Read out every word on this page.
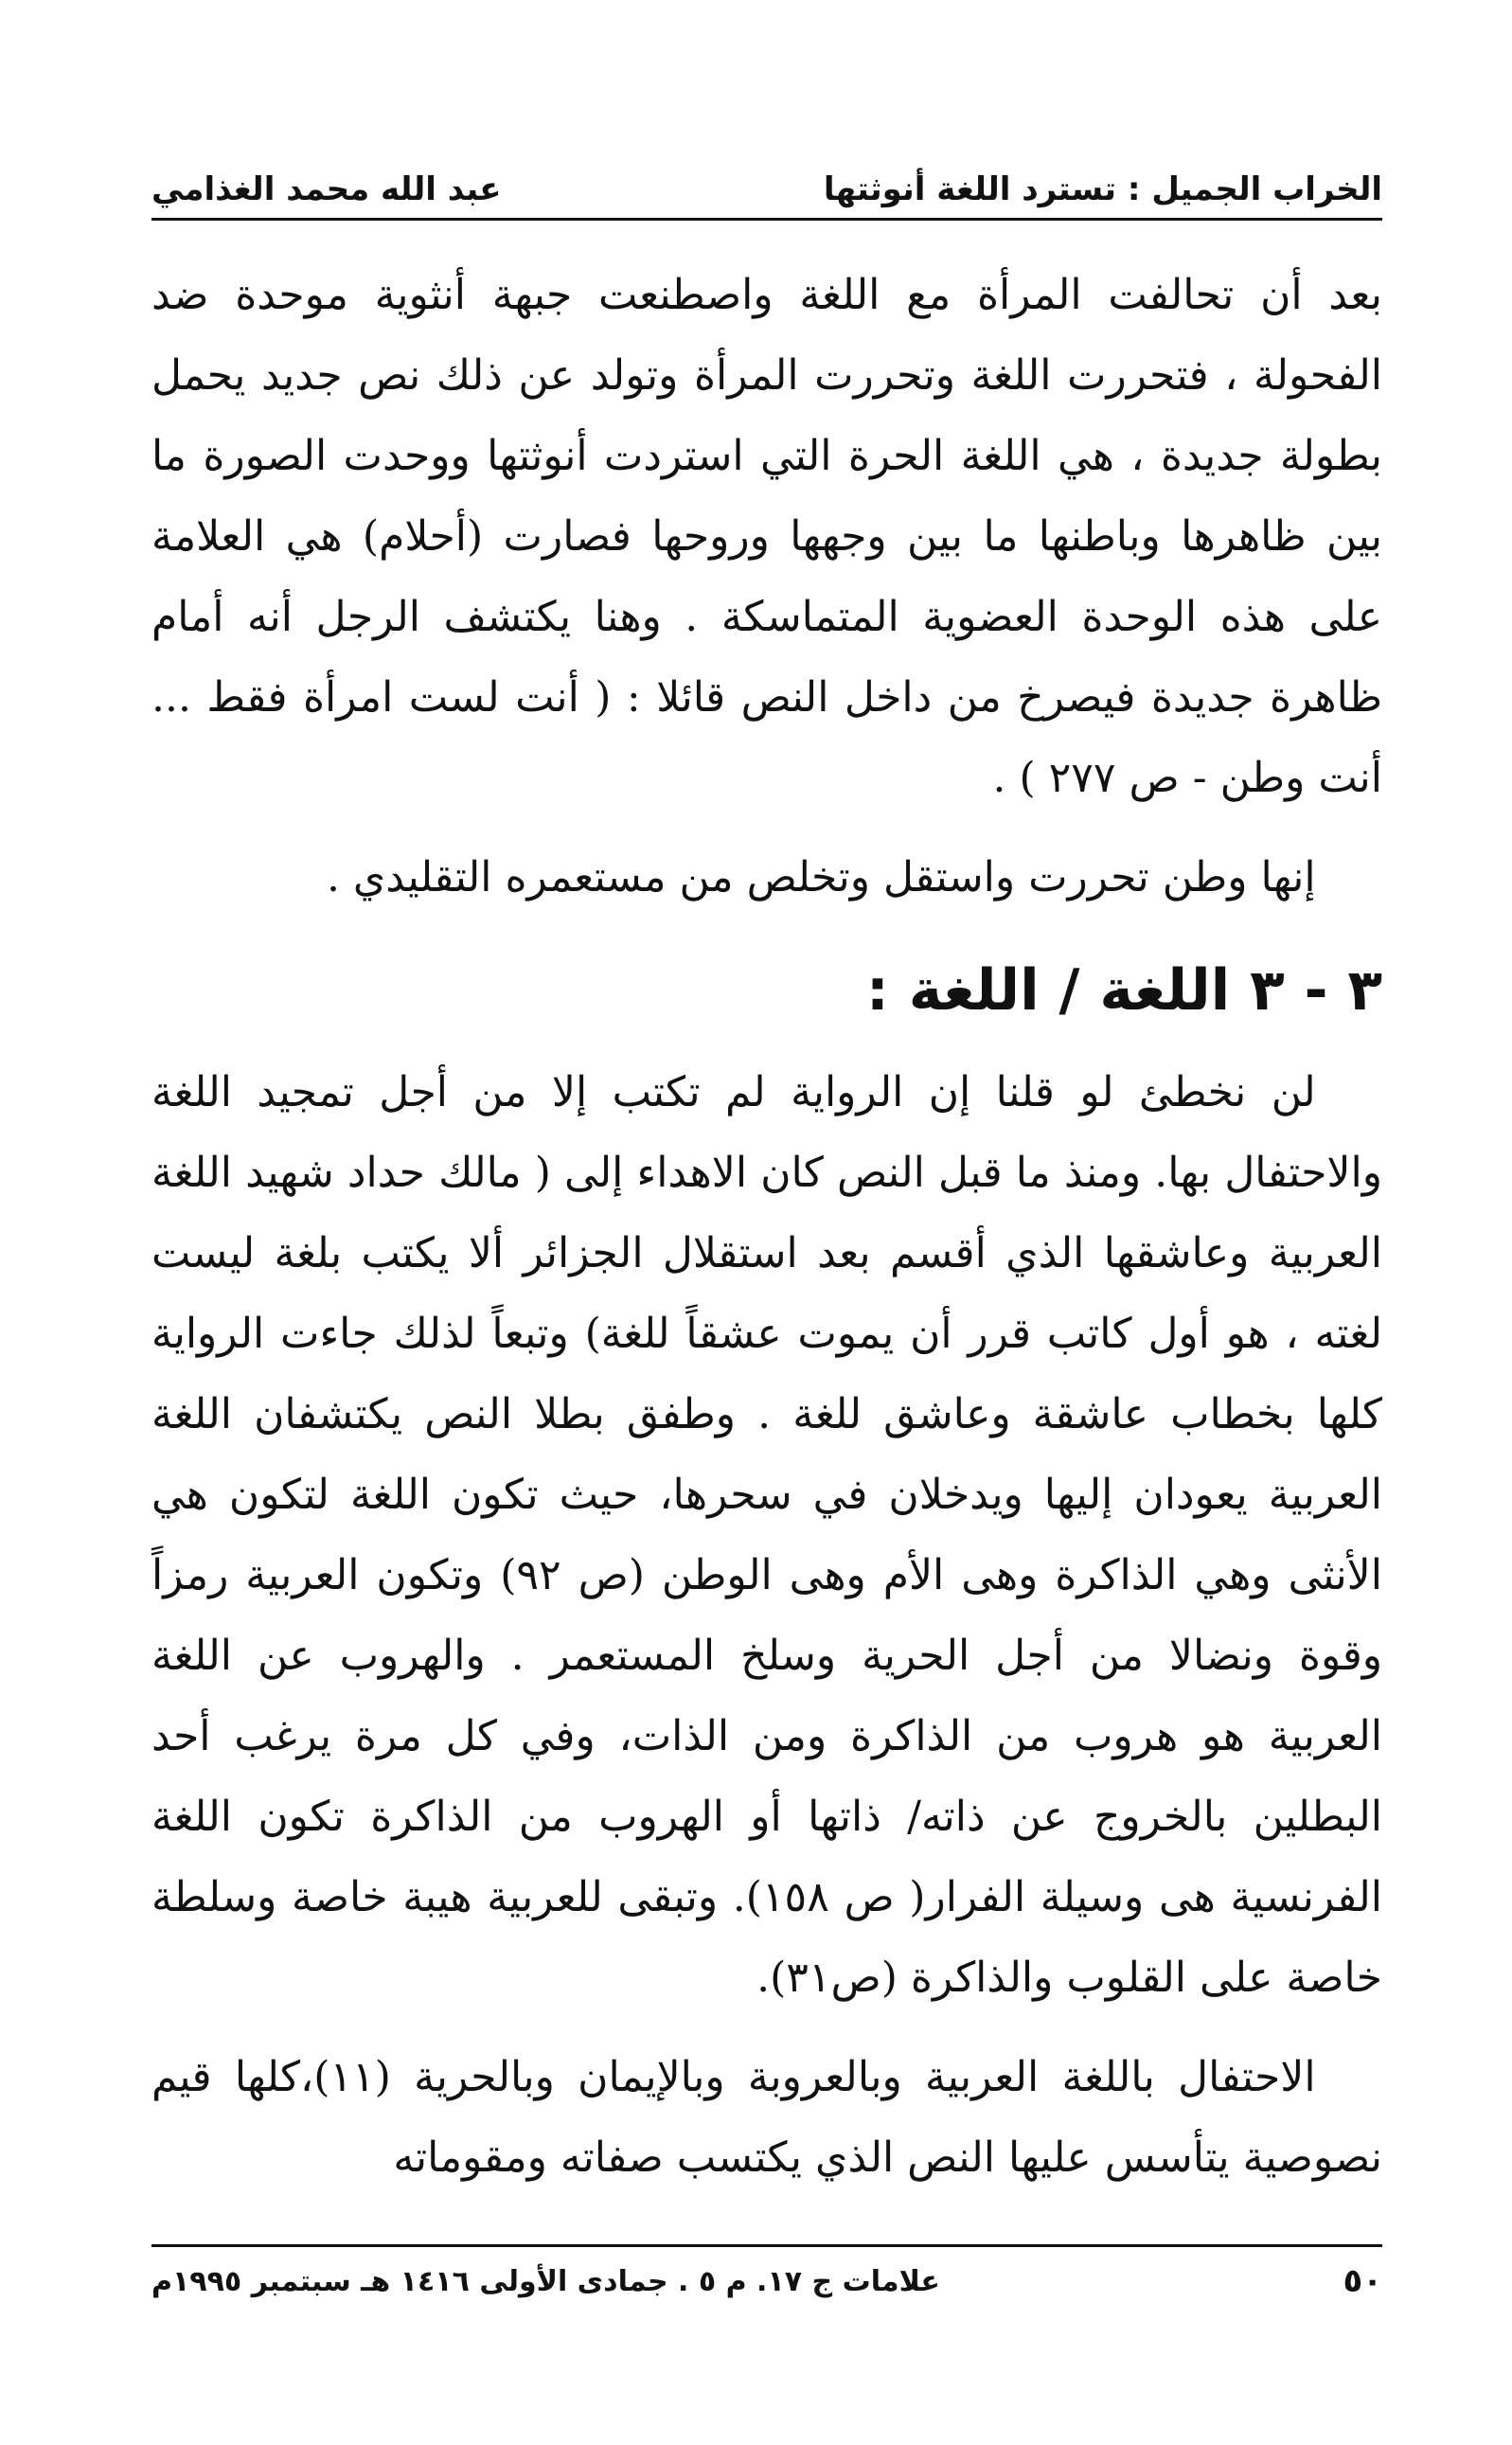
الخراب الجميل : تسترد اللغة أنوثتها
عبد الله محمد الغذامي

بعد أن تحالفت المرأة مع اللغة واصطنعت جبهة أنثوية موحدة ضد الفحولة ، فتحررت اللغة وتحررت المرأة وتولد عن ذلك نص جديد يحمل بطولة جديدة ، هي اللغة الحرة التي استردت أنوثتها ووحدت الصورة ما بين ظاهرها وباطنها ما بين وجهها وروحها فصارت (أحلام) هي العلامة على هذه الوحدة العضوية المتماسكة . وهنا يكتشف الرجل أنه أمام ظاهرة جديدة فيصرخ من داخل النص قائلا : ( أنت لست امرأة فقط ... أنت وطن - ص ٢٧٧ ) .

إنها وطن تحررت واستقل وتخلص من مستعمره التقليدي .

٣ - ٣ اللغة / اللغة :

لن نخطئ لو قلنا إن الرواية لم تكتب إلا من أجل تمجيد اللغة والاحتفال بها. ومنذ ما قبل النص كان الاهداء إلى ( مالك حداد شهيد اللغة العربية وعاشقها الذي أقسم بعد استقلال الجزائر ألا يكتب بلغة ليست لغته ، هو أول كاتب قرر أن يموت عشقاً للغة) وتبعاً لذلك جاءت الرواية كلها بخطاب عاشقة وعاشق للغة . وطفق بطلا النص يكتشفان اللغة العربية يعودان إليها ويدخلان في سحرها، حيث تكون اللغة لتكون هي الأنثى وهي الذاكرة وهى الأم وهى الوطن (ص ٩٢) وتكون العربية رمزاً وقوة ونضالا من أجل الحرية وسلخ المستعمر . والهروب عن اللغة العربية هو هروب من الذاكرة ومن الذات، وفي كل مرة يرغب أحد البطلين بالخروج عن ذاته/ ذاتها أو الهروب من الذاكرة تكون اللغة الفرنسية هى وسيلة الفرار( ص ١٥٨). وتبقى للعربية هيبة خاصة وسلطة خاصة على القلوب والذاكرة (ص٣١).

الاحتفال باللغة العربية وبالعروبة وبالإيمان وبالحرية (١١)،كلها قيم نصوصية يتأسس عليها النص الذي يكتسب صفاته ومقوماته

٥٠
علامات ج ١٧. م ٥ . جمادى الأولى ١٤١٦ هـ سبتمبر ١٩٩٥م
